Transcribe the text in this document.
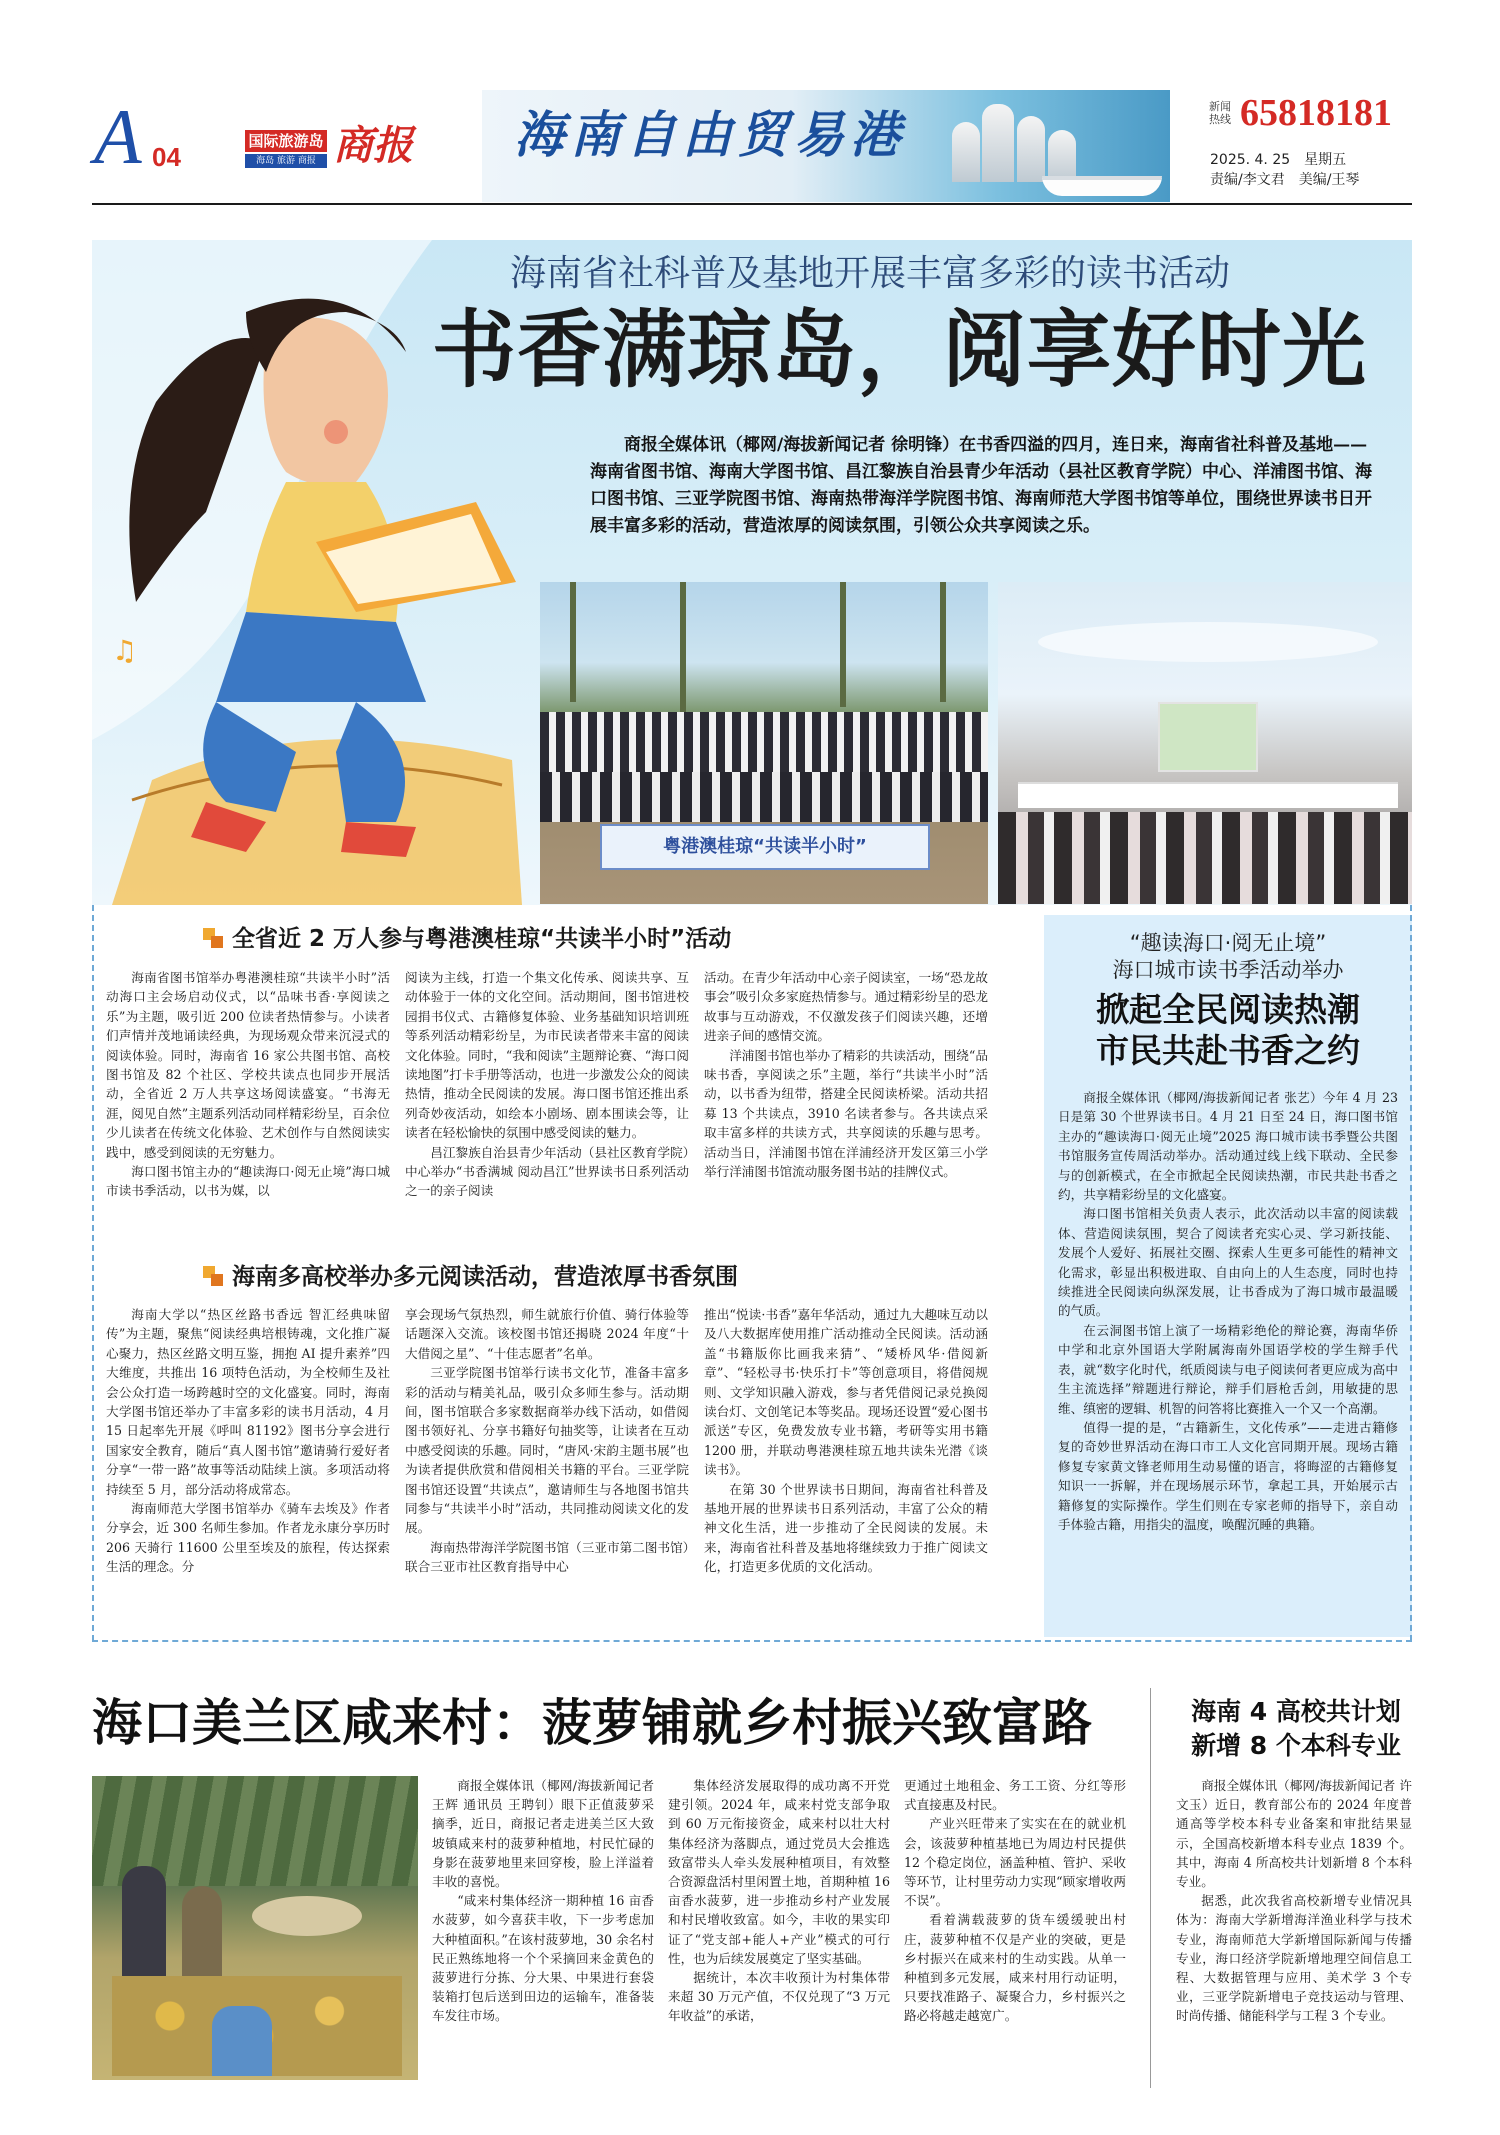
A 04
国际旅游岛
海岛 旅游 商报 商报 海南自由贸易港	新闻热线 65818181
2025. 4. 25　星期五
责编/李文君　美编/王琴
♫
海南省社科普及基地开展丰富多彩的读书活动
书香满琼岛，阅享好时光
商报全媒体讯（椰网/海拔新闻记者 徐明锋）在书香四溢的四月，连日来，海南省社科普及基地——海南省图书馆、海南大学图书馆、昌江黎族自治县青少年活动（县社区教育学院）中心、洋浦图书馆、海口图书馆、三亚学院图书馆、海南热带海洋学院图书馆、海南师范大学图书馆等单位，围绕世界读书日开展丰富多彩的活动，营造浓厚的阅读氛围，引领公众共享阅读之乐。
粤港澳桂琼“共读半小时”
全省近 2 万人参与粤港澳桂琼“共读半小时”活动

海南省图书馆举办粤港澳桂琼“共读半小时”活动海口主会场启动仪式，以“品味书香·享阅读之乐”为主题，吸引近 200 位读者热情参与。小读者们声情并茂地诵读经典，为现场观众带来沉浸式的阅读体验。同时，海南省 16 家公共图书馆、高校图书馆及 82 个社区、学校共读点也同步开展活动，全省近 2 万人共享这场阅读盛宴。“书海无涯，阅见自然”主题系列活动同样精彩纷呈，百余位少儿读者在传统文化体验、艺术创作与自然阅读实践中，感受到阅读的无穷魅力。

海口图书馆主办的“趣读海口·阅无止境”海口城市读书季活动，以书为媒，以

阅读为主线，打造一个集文化传承、阅读共享、互动体验于一体的文化空间。活动期间，图书馆进校园捐书仪式、古籍修复体验、业务基础知识培训班等系列活动精彩纷呈，为市民读者带来丰富的阅读文化体验。同时，“我和阅读”主题辩论赛、“海口阅读地图”打卡手册等活动，也进一步激发公众的阅读热情，推动全民阅读的发展。海口图书馆还推出系列奇妙夜活动，如绘本小剧场、剧本围读会等，让读者在轻松愉快的氛围中感受阅读的魅力。

昌江黎族自治县青少年活动（县社区教育学院）中心举办“书香满城 阅动昌江”世界读书日系列活动之一的亲子阅读

活动。在青少年活动中心亲子阅读室，一场“恐龙故事会”吸引众多家庭热情参与。通过精彩纷呈的恐龙故事与互动游戏，不仅激发孩子们阅读兴趣，还增进亲子间的感情交流。

洋浦图书馆也举办了精彩的共读活动，围绕“品味书香，享阅读之乐”主题，举行“共读半小时”活动，以书香为纽带，搭建全民阅读桥梁。活动共招募 13 个共读点，3910 名读者参与。各共读点采取丰富多样的共读方式，共享阅读的乐趣与思考。活动当日，洋浦图书馆在洋浦经济开发区第三小学举行洋浦图书馆流动服务图书站的挂牌仪式。

海南多高校举办多元阅读活动，营造浓厚书香氛围

海南大学以“热区丝路书香远 智汇经典味留传”为主题，聚焦“阅读经典培根铸魂，文化推广凝心聚力，热区丝路文明互鉴，拥抱 AI 提升素养”四大维度，共推出 16 项特色活动，为全校师生及社会公众打造一场跨越时空的文化盛宴。同时，海南大学图书馆还举办了丰富多彩的读书月活动，4 月 15 日起率先开展《呼叫 81192》图书分享会进行国家安全教育，随后“真人图书馆”邀请骑行爱好者分享“一带一路”故事等活动陆续上演。多项活动将持续至 5 月，部分活动将成常态。

海南师范大学图书馆举办《骑车去埃及》作者分享会，近 300 名师生参加。作者龙永康分享历时 206 天骑行 11600 公里至埃及的旅程，传达探索生活的理念。分

享会现场气氛热烈，师生就旅行价值、骑行体验等话题深入交流。该校图书馆还揭晓 2024 年度“十大借阅之星”、“十佳志愿者”名单。

三亚学院图书馆举行读书文化节，准备丰富多彩的活动与精美礼品，吸引众多师生参与。活动期间，图书馆联合多家数据商举办线下活动，如借阅图书领好礼、分享书籍好句抽奖等，让读者在互动中感受阅读的乐趣。同时，“唐风·宋韵主题书展”也为读者提供欣赏和借阅相关书籍的平台。三亚学院图书馆还设置“共读点”，邀请师生与各地图书馆共同参与“共读半小时”活动，共同推动阅读文化的发展。

海南热带海洋学院图书馆（三亚市第二图书馆）联合三亚市社区教育指导中心

推出“悦读·书香”嘉年华活动，通过九大趣味互动以及八大数据库使用推广活动推动全民阅读。活动涵盖“书籍版你比画我来猜”、“矮桥风华·借阅新章”、“轻松寻书·快乐打卡”等创意项目，将借阅规则、文学知识融入游戏，参与者凭借阅记录兑换阅读台灯、文创笔记本等奖品。现场还设置“爱心图书派送”专区，免费发放专业书籍，考研等实用书籍 1200 册，并联动粤港澳桂琼五地共读朱光潜《谈读书》。

在第 30 个世界读书日期间，海南省社科普及基地开展的世界读书日系列活动，丰富了公众的精神文化生活，进一步推动了全民阅读的发展。未来，海南省社科普及基地将继续致力于推广阅读文化，打造更多优质的文化活动。

“趣读海口·阅无止境”
海口城市读书季活动举办
掀起全民阅读热潮
市民共赴书香之约

商报全媒体讯（椰网/海拔新闻记者 张艺）今年 4 月 23 日是第 30 个世界读书日。4 月 21 日至 24 日，海口图书馆主办的“趣读海口·阅无止境”2025 海口城市读书季暨公共图书馆服务宣传周活动举办。活动通过线上线下联动、全民参与的创新模式，在全市掀起全民阅读热潮，市民共赴书香之约，共享精彩纷呈的文化盛宴。

海口图书馆相关负责人表示，此次活动以丰富的阅读载体、营造阅读氛围，契合了阅读者充实心灵、学习新技能、发展个人爱好、拓展社交圈、探索人生更多可能性的精神文化需求，彰显出积极进取、自由向上的人生态度，同时也持续推进全民阅读向纵深发展，让书香成为了海口城市最温暖的气质。

在云洞图书馆上演了一场精彩绝伦的辩论赛，海南华侨中学和北京外国语大学附属海南外国语学校的学生辩手代表，就“数字化时代，纸质阅读与电子阅读何者更应成为高中生主流选择”辩题进行辩论，辩手们唇枪舌剑，用敏捷的思维、缜密的逻辑、机智的问答将比赛推入一个又一个高潮。

值得一提的是，“古籍新生，文化传承”——走进古籍修复的奇妙世界活动在海口市工人文化宫同期开展。现场古籍修复专家黄文锋老师用生动易懂的语言，将晦涩的古籍修复知识一一拆解，并在现场展示环节，拿起工具，开始展示古籍修复的实际操作。学生们则在专家老师的指导下，亲自动手体验古籍，用指尖的温度，唤醒沉睡的典籍。

海口美兰区咸来村：菠萝铺就乡村振兴致富路

商报全媒体讯（椰网/海拔新闻记者 王辉 通讯员 王聘钊）眼下正值菠萝采摘季，近日，商报记者走进美兰区大致坡镇咸来村的菠萝种植地，村民忙碌的身影在菠萝地里来回穿梭，脸上洋溢着丰收的喜悦。

“咸来村集体经济一期种植 16 亩香水菠萝，如今喜获丰收，下一步考虑加大种植面积。”在该村菠萝地，30 余名村民正熟练地将一个个采摘回来金黄色的菠萝进行分拣、分大果、中果进行套袋装箱打包后送到田边的运输车，准备装车发往市场。

集体经济发展取得的成功离不开党建引领。2024 年，咸来村党支部争取到 60 万元衔接资金，咸来村以壮大村集体经济为落脚点，通过党员大会推选致富带头人牵头发展种植项目，有效整合资源盘活村里闲置土地，首期种植 16 亩香水菠萝，进一步推动乡村产业发展和村民增收致富。如今，丰收的果实印证了“党支部+能人+产业”模式的可行性，也为后续发展奠定了坚实基础。

据统计，本次丰收预计为村集体带来超 30 万元产值，不仅兑现了“3 万元年收益”的承诺，

更通过土地租金、务工工资、分红等形式直接惠及村民。

产业兴旺带来了实实在在的就业机会，该菠萝种植基地已为周边村民提供 12 个稳定岗位，涵盖种植、管护、采收等环节，让村里劳动力实现“顾家增收两不误”。

看着满载菠萝的货车缓缓驶出村庄，菠萝种植不仅是产业的突破，更是乡村振兴在咸来村的生动实践。从单一种植到多元发展，咸来村用行动证明，只要找准路子、凝聚合力，乡村振兴之路必将越走越宽广。

海南 4 高校共计划
新增 8 个本科专业

商报全媒体讯（椰网/海拔新闻记者 许文玉）近日，教育部公布的 2024 年度普通高等学校本科专业备案和审批结果显示，全国高校新增本科专业点 1839 个。其中，海南 4 所高校共计划新增 8 个本科专业。

据悉，此次我省高校新增专业情况具体为：海南大学新增海洋渔业科学与技术专业，海南师范大学新增国际新闻与传播专业，海口经济学院新增地理空间信息工程、大数据管理与应用、美术学 3 个专业，三亚学院新增电子竞技运动与管理、时尚传播、储能科学与工程 3 个专业。
